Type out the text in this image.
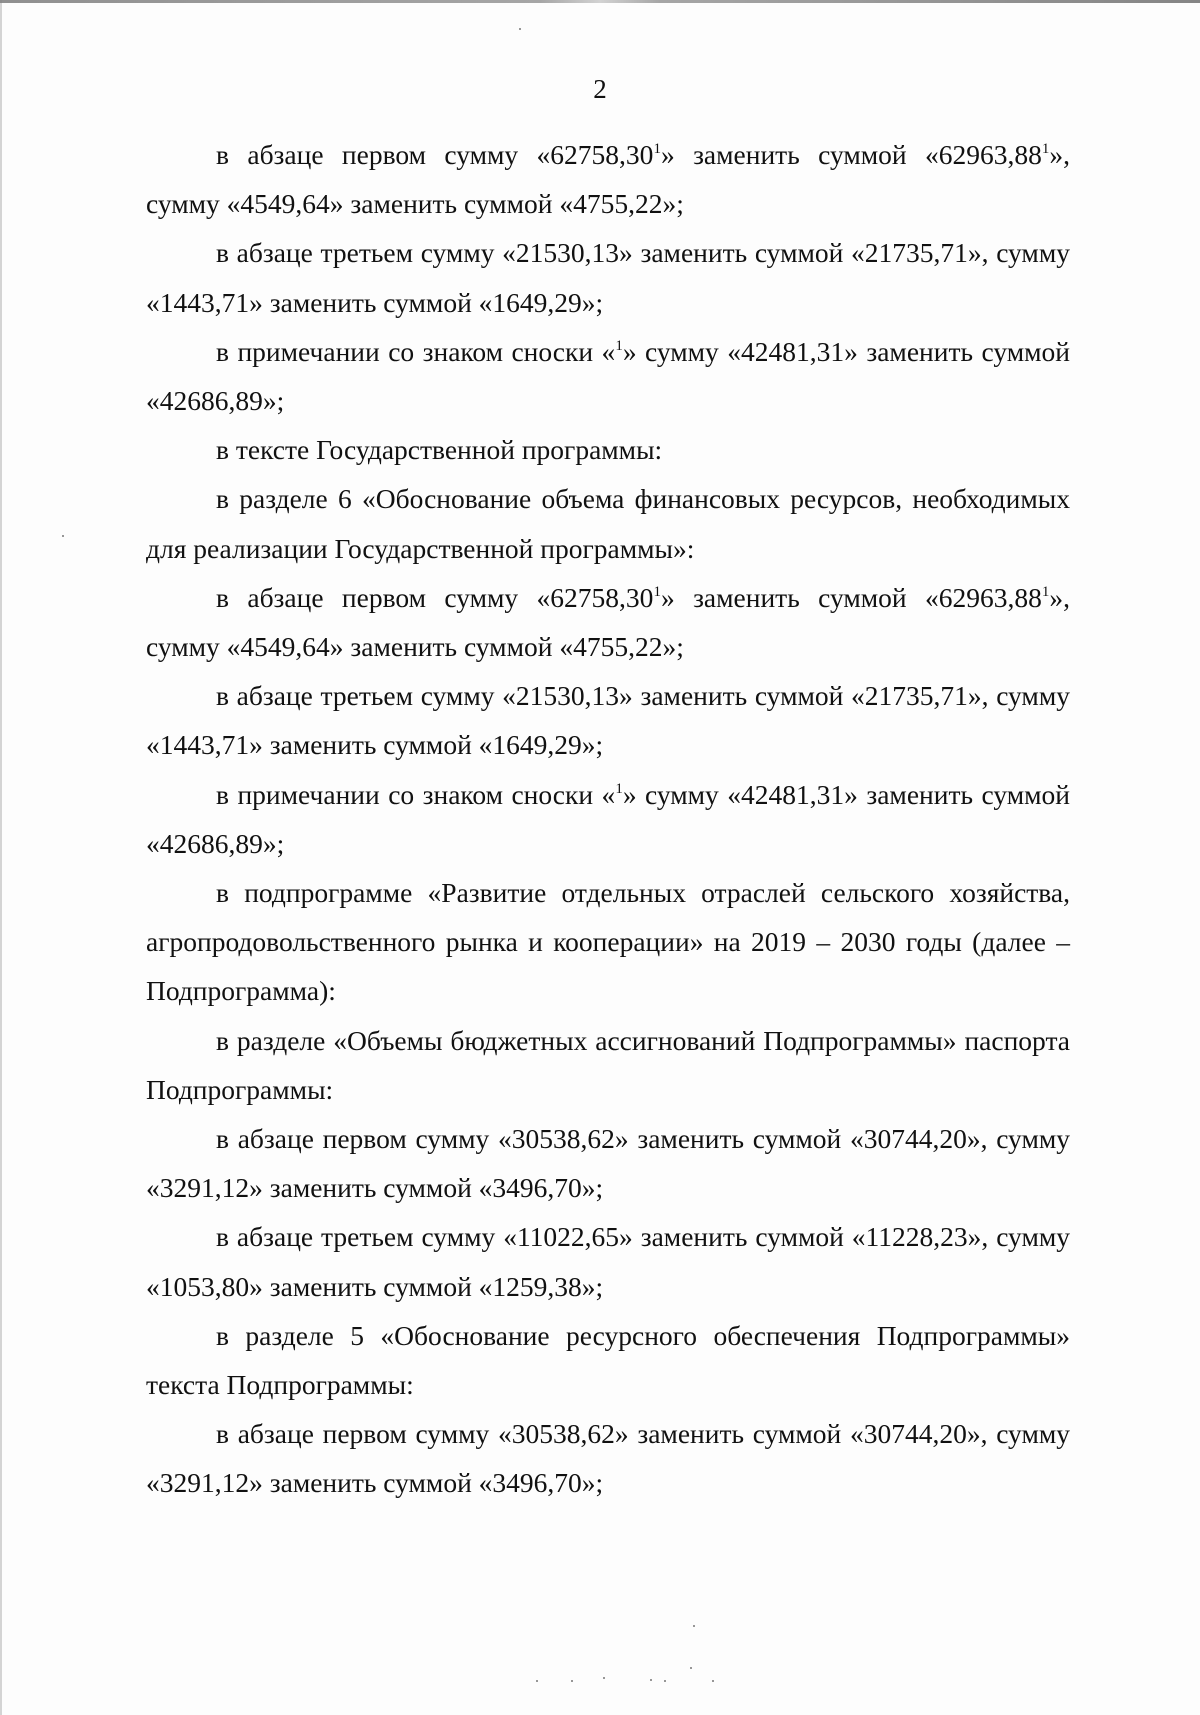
2

в абзаце первом сумму «62758,30$^1$» заменить суммой «62963,88$^1$», сумму «4549,64» заменить суммой «4755,22»;

в абзаце третьем сумму «21530,13» заменить суммой «21735,71», сумму «1443,71» заменить суммой «1649,29»;

в примечании со знаком сноски «$^1$» сумму «42481,31» заменить суммой «42686,89»;

в тексте Государственной программы:

в разделе 6 «Обоснование объема финансовых ресурсов, необходимых для реализации Государственной программы»:

в абзаце первом сумму «62758,30$^1$» заменить суммой «62963,88$^1$», сумму «4549,64» заменить суммой «4755,22»;

в абзаце третьем сумму «21530,13» заменить суммой «21735,71», сумму «1443,71» заменить суммой «1649,29»;

в примечании со знаком сноски «$^1$» сумму «42481,31» заменить суммой «42686,89»;

в подпрограмме «Развитие отдельных отраслей сельского хозяйства, агропродовольственного рынка и кооперации» на 2019 – 2030 годы (далее – Подпрограмма):

в разделе «Объемы бюджетных ассигнований Подпрограммы» паспорта Подпрограммы:

в абзаце первом сумму «30538,62» заменить суммой «30744,20», сумму «3291,12» заменить суммой «3496,70»;

в абзаце третьем сумму «11022,65» заменить суммой «11228,23», сумму «1053,80» заменить суммой «1259,38»;

в разделе 5 «Обоснование ресурсного обеспечения Подпрограммы» текста Подпрограммы:

в абзаце первом сумму «30538,62» заменить суммой «30744,20», сумму «3291,12» заменить суммой «3496,70»;
